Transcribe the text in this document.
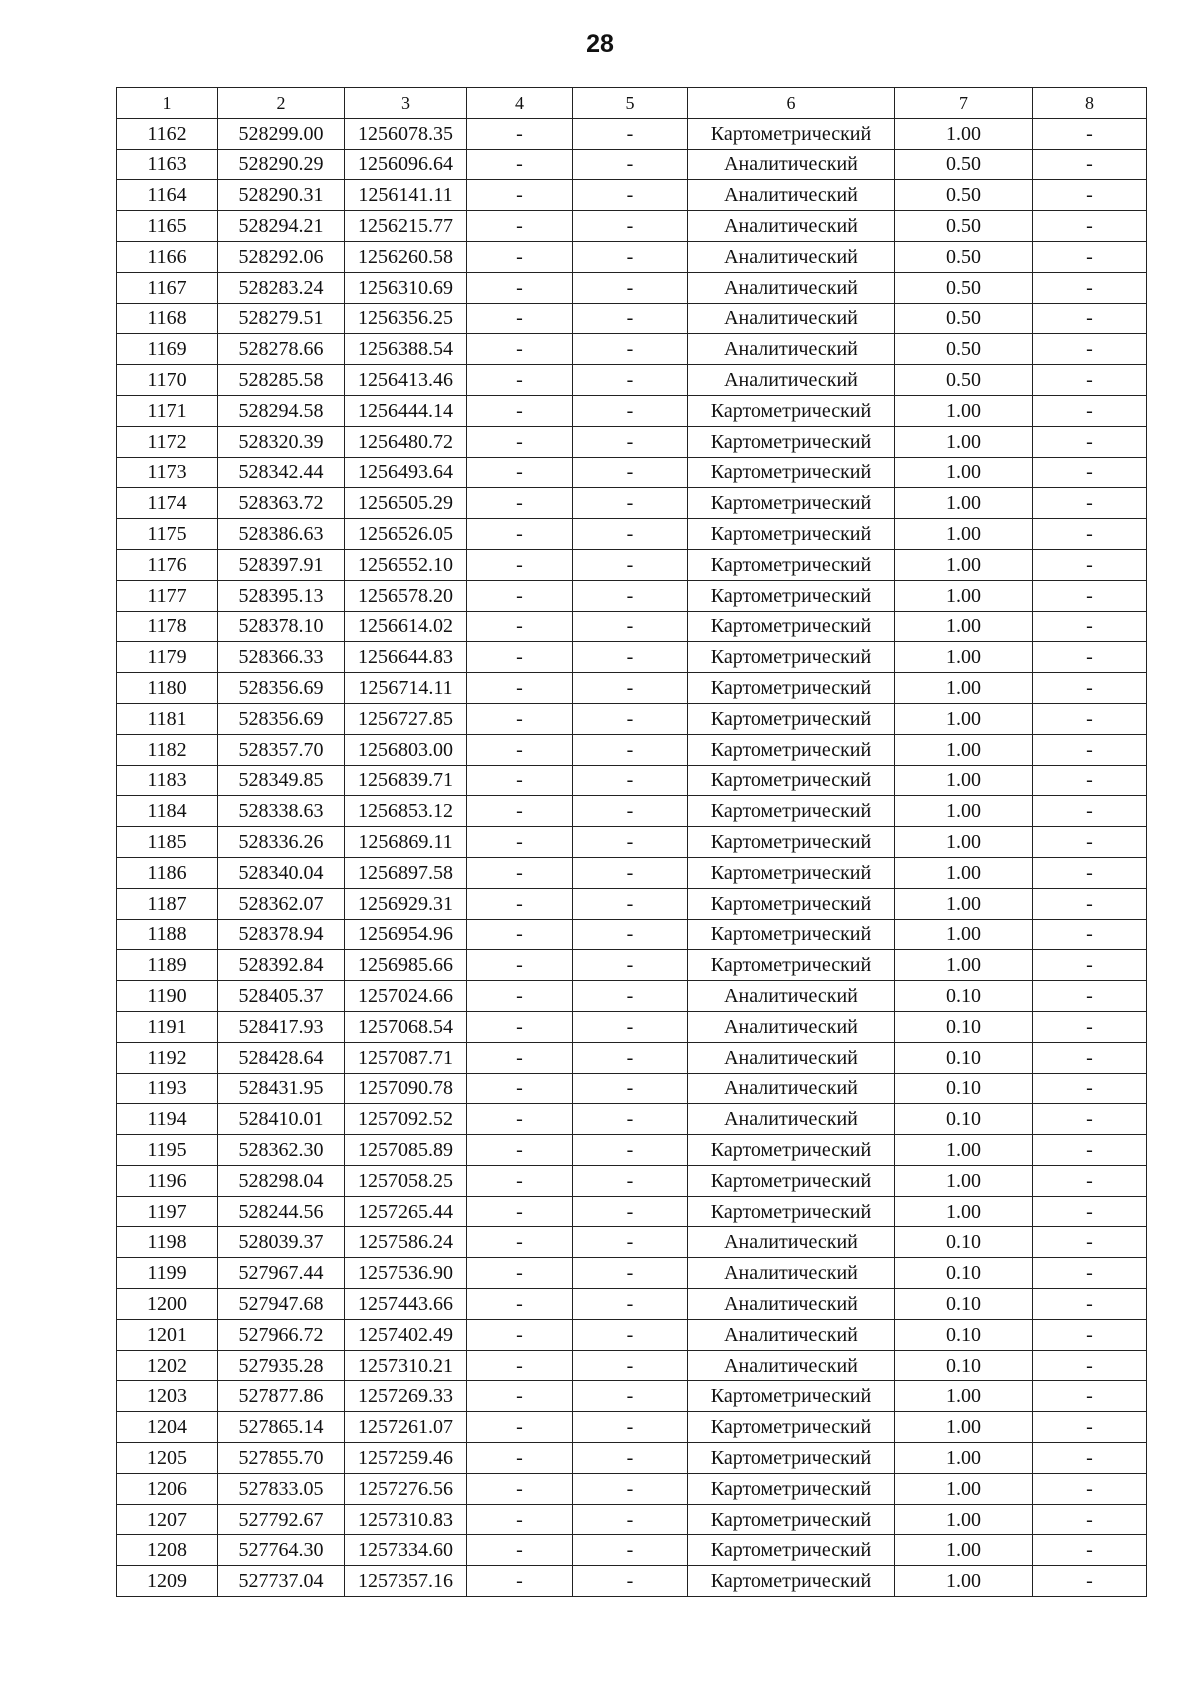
28
1	2	3	4	5	6	7	8
1162	528299.00	1256078.35	-	-	Картометрический	1.00	-
1163	528290.29	1256096.64	-	-	Аналитический	0.50	-
1164	528290.31	1256141.11	-	-	Аналитический	0.50	-
1165	528294.21	1256215.77	-	-	Аналитический	0.50	-
1166	528292.06	1256260.58	-	-	Аналитический	0.50	-
1167	528283.24	1256310.69	-	-	Аналитический	0.50	-
1168	528279.51	1256356.25	-	-	Аналитический	0.50	-
1169	528278.66	1256388.54	-	-	Аналитический	0.50	-
1170	528285.58	1256413.46	-	-	Аналитический	0.50	-
1171	528294.58	1256444.14	-	-	Картометрический	1.00	-
1172	528320.39	1256480.72	-	-	Картометрический	1.00	-
1173	528342.44	1256493.64	-	-	Картометрический	1.00	-
1174	528363.72	1256505.29	-	-	Картометрический	1.00	-
1175	528386.63	1256526.05	-	-	Картометрический	1.00	-
1176	528397.91	1256552.10	-	-	Картометрический	1.00	-
1177	528395.13	1256578.20	-	-	Картометрический	1.00	-
1178	528378.10	1256614.02	-	-	Картометрический	1.00	-
1179	528366.33	1256644.83	-	-	Картометрический	1.00	-
1180	528356.69	1256714.11	-	-	Картометрический	1.00	-
1181	528356.69	1256727.85	-	-	Картометрический	1.00	-
1182	528357.70	1256803.00	-	-	Картометрический	1.00	-
1183	528349.85	1256839.71	-	-	Картометрический	1.00	-
1184	528338.63	1256853.12	-	-	Картометрический	1.00	-
1185	528336.26	1256869.11	-	-	Картометрический	1.00	-
1186	528340.04	1256897.58	-	-	Картометрический	1.00	-
1187	528362.07	1256929.31	-	-	Картометрический	1.00	-
1188	528378.94	1256954.96	-	-	Картометрический	1.00	-
1189	528392.84	1256985.66	-	-	Картометрический	1.00	-
1190	528405.37	1257024.66	-	-	Аналитический	0.10	-
1191	528417.93	1257068.54	-	-	Аналитический	0.10	-
1192	528428.64	1257087.71	-	-	Аналитический	0.10	-
1193	528431.95	1257090.78	-	-	Аналитический	0.10	-
1194	528410.01	1257092.52	-	-	Аналитический	0.10	-
1195	528362.30	1257085.89	-	-	Картометрический	1.00	-
1196	528298.04	1257058.25	-	-	Картометрический	1.00	-
1197	528244.56	1257265.44	-	-	Картометрический	1.00	-
1198	528039.37	1257586.24	-	-	Аналитический	0.10	-
1199	527967.44	1257536.90	-	-	Аналитический	0.10	-
1200	527947.68	1257443.66	-	-	Аналитический	0.10	-
1201	527966.72	1257402.49	-	-	Аналитический	0.10	-
1202	527935.28	1257310.21	-	-	Аналитический	0.10	-
1203	527877.86	1257269.33	-	-	Картометрический	1.00	-
1204	527865.14	1257261.07	-	-	Картометрический	1.00	-
1205	527855.70	1257259.46	-	-	Картометрический	1.00	-
1206	527833.05	1257276.56	-	-	Картометрический	1.00	-
1207	527792.67	1257310.83	-	-	Картометрический	1.00	-
1208	527764.30	1257334.60	-	-	Картометрический	1.00	-
1209	527737.04	1257357.16	-	-	Картометрический	1.00	-
